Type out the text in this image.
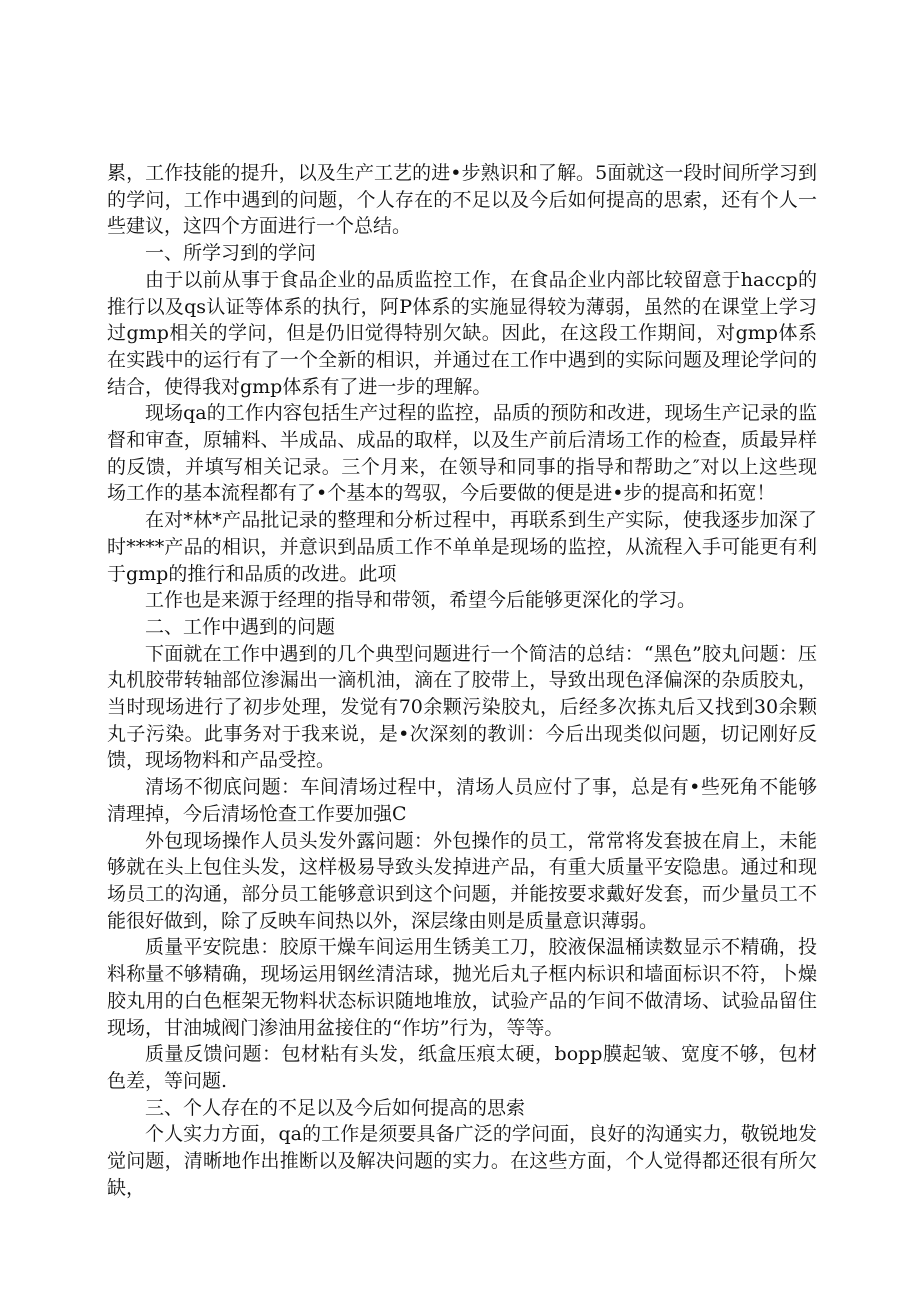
累，工作技能的提升，以及生产工艺的进•步熟识和了解。5面就这一段时间所学习到的学问，工作中遇到的问题，个人存在的不足以及今后如何提高的思索，还有个人一些建议，这四个方面进行一个总结。

一、所学习到的学问

由于以前从事于食品企业的品质监控工作，在食品企业内部比较留意于haccp的推行以及qs认证等体系的执行，阿P体系的实施显得较为薄弱，虽然的在课堂上学习过gmp相关的学问，但是仍旧觉得特别欠缺。因此，在这段工作期间，对gmp体系在实践中的运行有了一个全新的相识，并通过在工作中遇到的实际问题及理论学问的结合，使得我对gmp体系有了进一步的理解。

现场qa的工作内容包括生产过程的监控，品质的预防和改进，现场生产记录的监督和审查，原辅料、半成品、成品的取样，以及生产前后清场工作的检查，质最异样的反馈，并填写相关记录。三个月来，在领导和同事的指导和帮助之″对以上这些现场工作的基本流程都有了•个基本的驾驭，今后要做的便是进•步的提高和拓宽！

在对*林*产品批记录的整理和分析过程中，再联系到生产实际，使我逐步加深了时****产品的相识，并意识到品质工作不单单是现场的监控，从流程入手可能更有利于gmp的推行和品质的改进。此项

工作也是来源于经理的指导和带领，希望今后能够更深化的学习。

二、工作中遇到的问题

下面就在工作中遇到的几个典型问题进行一个简洁的总结：“黑色”胶丸问题：压丸机胶带转轴部位渗漏出一滴机油，滴在了胶带上，导致出现色泽偏深的杂质胶丸，当时现场进行了初步处理，发觉有70余颗污染胶丸，后经多次拣丸后又找到30余颗丸子污染。此事务对于我来说，是•次深刻的教训：今后出现类似问题，切记刚好反馈，现场物料和产品受控。

清场不彻底问题：车间清场过程中，清场人员应付了事，总是有•些死角不能够清理掉，今后清场怆查工作要加强C

外包现场操作人员头发外露问题：外包操作的员工，常常将发套披在肩上，未能够就在头上包住头发，这样极易导致头发掉进产品，有重大质量平安隐患。通过和现场员工的沟通，部分员工能够意识到这个问题，并能按要求戴好发套，而少量员工不能很好做到，除了反映车间热以外，深层缘由则是质量意识薄弱。

质量平安院患：胶原干燥车间运用生锈美工刀，胶液保温桶读数显示不精确，投料称量不够精确，现场运用钢丝清洁球，抛光后丸子框内标识和墙面标识不符，卜燥胶丸用的白色框架无物料状态标识随地堆放，试验产品的乍间不做清场、试验品留住现场，甘油城阀门渗油用盆接住的“作坊”行为，等等。

质量反馈问题：包材粘有头发，纸盒压痕太硬，bopp膜起皱、宽度不够，包材色差，等问题.

三、个人存在的不足以及今后如何提高的思索

个人实力方面，qa的工作是须要具备广泛的学问面，良好的沟通实力，敬锐地发觉问题，清晰地作出推断以及解决问题的实力。在这些方面，个人觉得都还很有所欠缺，
